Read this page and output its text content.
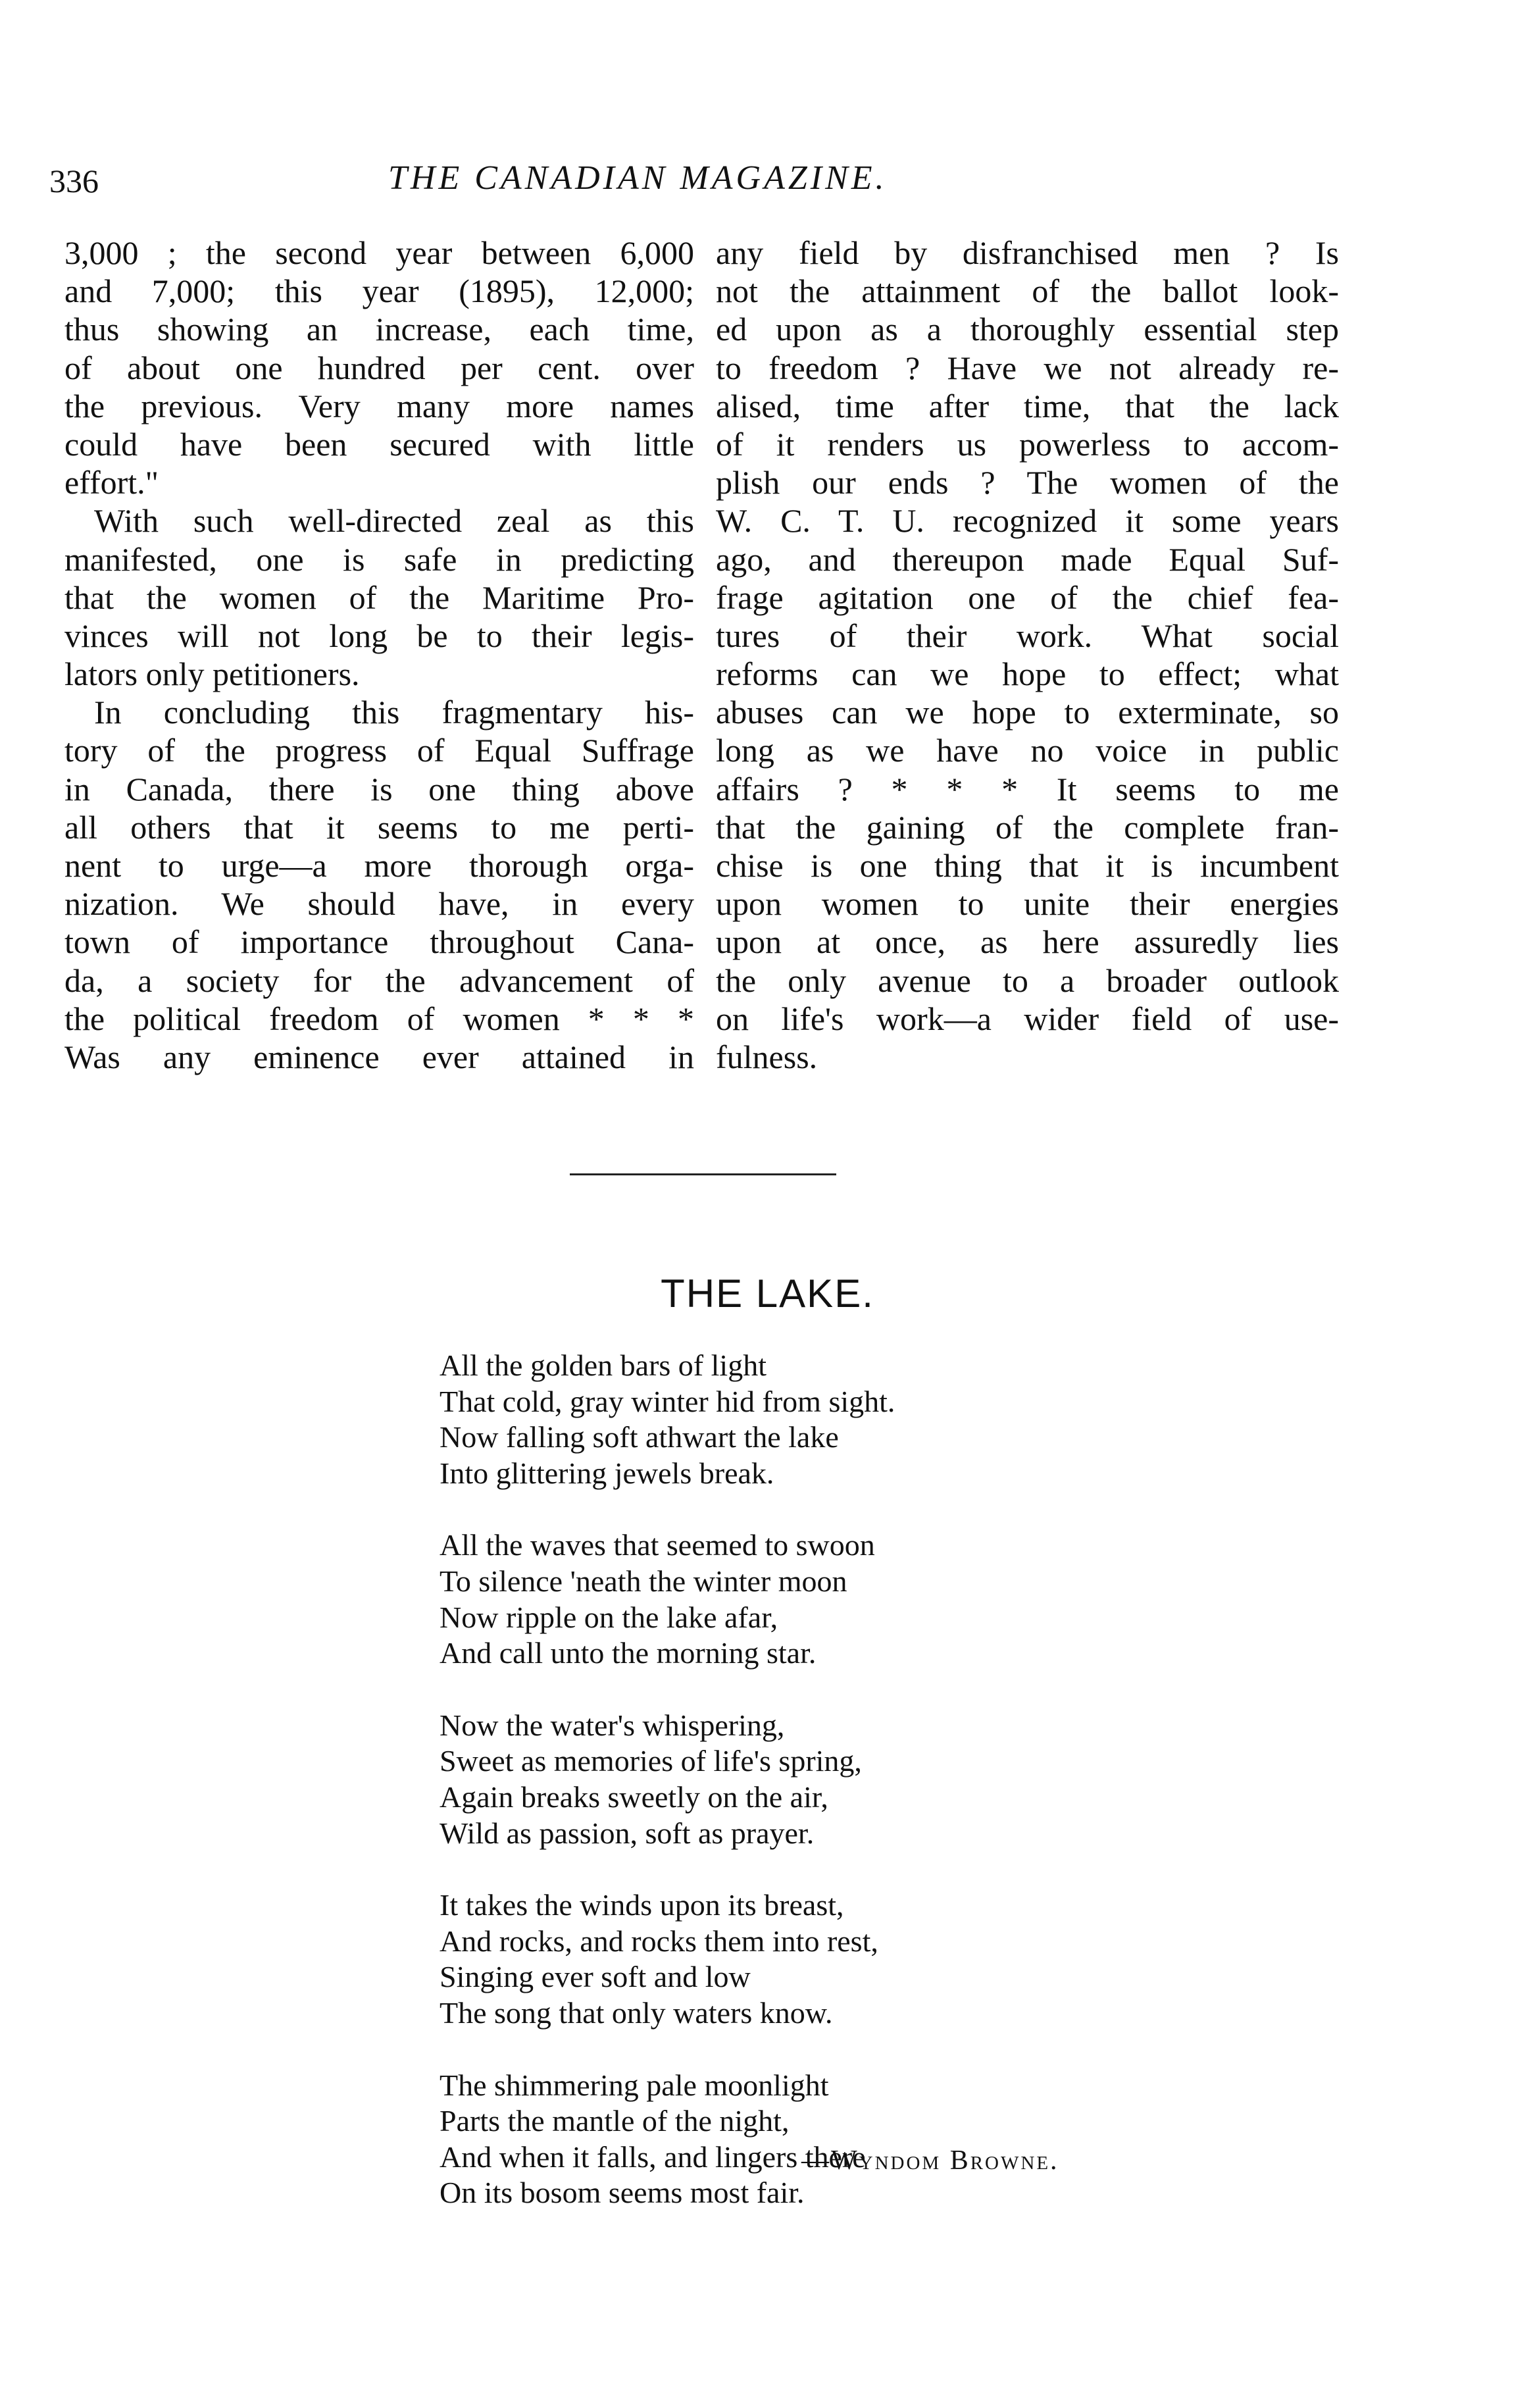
336	THE CANADIAN MAGAZINE.
3,000 ; the second year between 6,000
and 7,000; this year (1895), 12,000;
thus showing an increase, each time,
of about one hundred per cent. over
the previous. Very many more names
could have been secured with little
effort."
With such well-directed zeal as this
manifested, one is safe in predicting
that the women of the Maritime Pro-
vinces will not long be to their legis-
lators only petitioners.
In concluding this fragmentary his-
tory of the progress of Equal Suffrage
in Canada, there is one thing above
all others that it seems to me perti-
nent to urge—a more thorough orga-
nization. We should have, in every
town of importance throughout Cana-
da, a society for the advancement of
the political freedom of women * * *
Was any eminence ever attained in
any field by disfranchised men ? Is
not the attainment of the ballot look-
ed upon as a thoroughly essential step
to freedom ? Have we not already re-
alised, time after time, that the lack
of it renders us powerless to accom-
plish our ends ? The women of the
W. C. T. U. recognized it some years
ago, and thereupon made Equal Suf-
frage agitation one of the chief fea-
tures of their work. What social
reforms can we hope to effect; what
abuses can we hope to exterminate, so
long as we have no voice in public
affairs ? * * * It seems to me
that the gaining of the complete fran-
chise is one thing that it is incumbent
upon women to unite their energies
upon at once, as here assuredly lies
the only avenue to a broader outlook
on life's work—a wider field of use-
fulness.
THE LAKE.
All the golden bars of light
That cold, gray winter hid from sight.
Now falling soft athwart the lake
Into glittering jewels break.
All the waves that seemed to swoon
To silence 'neath the winter moon
Now ripple on the lake afar,
And call unto the morning star.
Now the water's whispering,
Sweet as memories of life's spring,
Again breaks sweetly on the air,
Wild as passion, soft as prayer.
It takes the winds upon its breast,
And rocks, and rocks them into rest,
Singing ever soft and low
The song that only waters know.
The shimmering pale moonlight
Parts the mantle of the night,
And when it falls, and lingers there
On its bosom seems most fair.
—Wyndom Browne.
